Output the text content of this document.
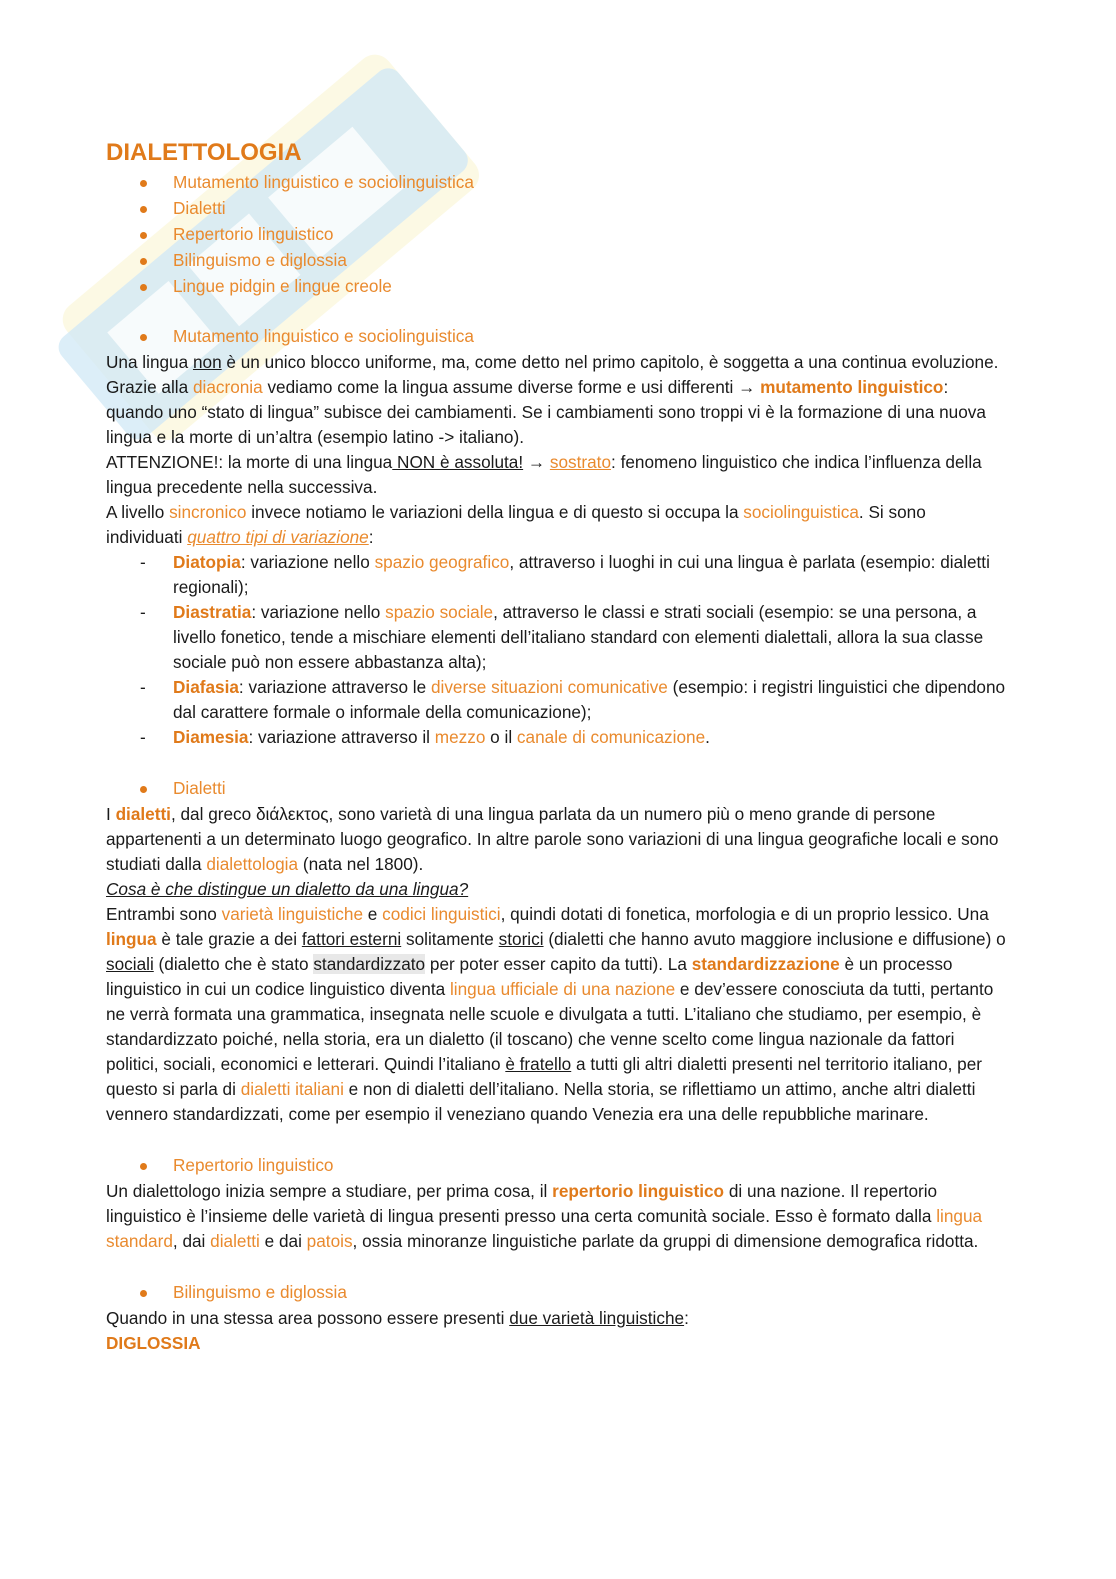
DIALETTOLOGIA
Mutamento linguistico e sociolinguistica
Dialetti
Repertorio linguistico
Bilinguismo e diglossia
Lingue pidgin e lingue creole
Mutamento linguistico e sociolinguistica

Una lingua non è un unico blocco uniforme, ma, come detto nel primo capitolo, è soggetta a una continua evoluzione.

Grazie alla diacronia vediamo come la lingua assume diverse forme e usi differenti → mutamento linguistico: quando uno “stato di lingua” subisce dei cambiamenti. Se i cambiamenti sono troppi vi è la formazione di una nuova lingua e la morte di un’altra (esempio latino -> italiano).

ATTENZIONE!: la morte di una lingua NON è assoluta! → sostrato: fenomeno linguistico che indica l’influenza della lingua precedente nella successiva.

A livello sincronico invece notiamo le variazioni della lingua e di questo si occupa la sociolinguistica. Si sono individuati quattro tipi di variazione:

- Diatopia: variazione nello spazio geografico, attraverso i luoghi in cui una lingua è parlata (esempio: dialetti regionali);
- Diastratia: variazione nello spazio sociale, attraverso le classi e strati sociali (esempio: se una persona, a livello fonetico, tende a mischiare elementi dell’italiano standard con elementi dialettali, allora la sua classe sociale può non essere abbastanza alta);
- Diafasia: variazione attraverso le diverse situazioni comunicative (esempio: i registri linguistici che dipendono dal carattere formale o informale della comunicazione);
- Diamesia: variazione attraverso il mezzo o il canale di comunicazione.
Dialetti

I dialetti, dal greco διάλεκτος, sono varietà di una lingua parlata da un numero più o meno grande di persone appartenenti a un determinato luogo geografico. In altre parole sono variazioni di una lingua geografiche locali e sono studiati dalla dialettologia (nata nel 1800).

Cosa è che distingue un dialetto da una lingua?

Entrambi sono varietà linguistiche e codici linguistici, quindi dotati di fonetica, morfologia e di un proprio lessico. Una lingua è tale grazie a dei fattori esterni solitamente storici (dialetti che hanno avuto maggiore inclusione e diffusione) o sociali (dialetto che è stato standardizzato per poter esser capito da tutti). La standardizzazione è un processo linguistico in cui un codice linguistico diventa lingua ufficiale di una nazione e dev’essere conosciuta da tutti, pertanto ne verrà formata una grammatica, insegnata nelle scuole e divulgata a tutti. L’italiano che studiamo, per esempio, è standardizzato poiché, nella storia, era un dialetto (il toscano) che venne scelto come lingua nazionale da fattori politici, sociali, economici e letterari. Quindi l’italiano è fratello a tutti gli altri dialetti presenti nel territorio italiano, per questo si parla di dialetti italiani e non di dialetti dell’italiano. Nella storia, se riflettiamo un attimo, anche altri dialetti vennero standardizzati, come per esempio il veneziano quando Venezia era una delle repubbliche marinare.

Repertorio linguistico

Un dialettologo inizia sempre a studiare, per prima cosa, il repertorio linguistico di una nazione. Il repertorio linguistico è l’insieme delle varietà di lingua presenti presso una certa comunità sociale. Esso è formato dalla lingua standard, dai dialetti e dai patois, ossia minoranze linguistiche parlate da gruppi di dimensione demografica ridotta.

Bilinguismo e diglossia

Quando in una stessa area possono essere presenti due varietà linguistiche:

DIGLOSSIA
